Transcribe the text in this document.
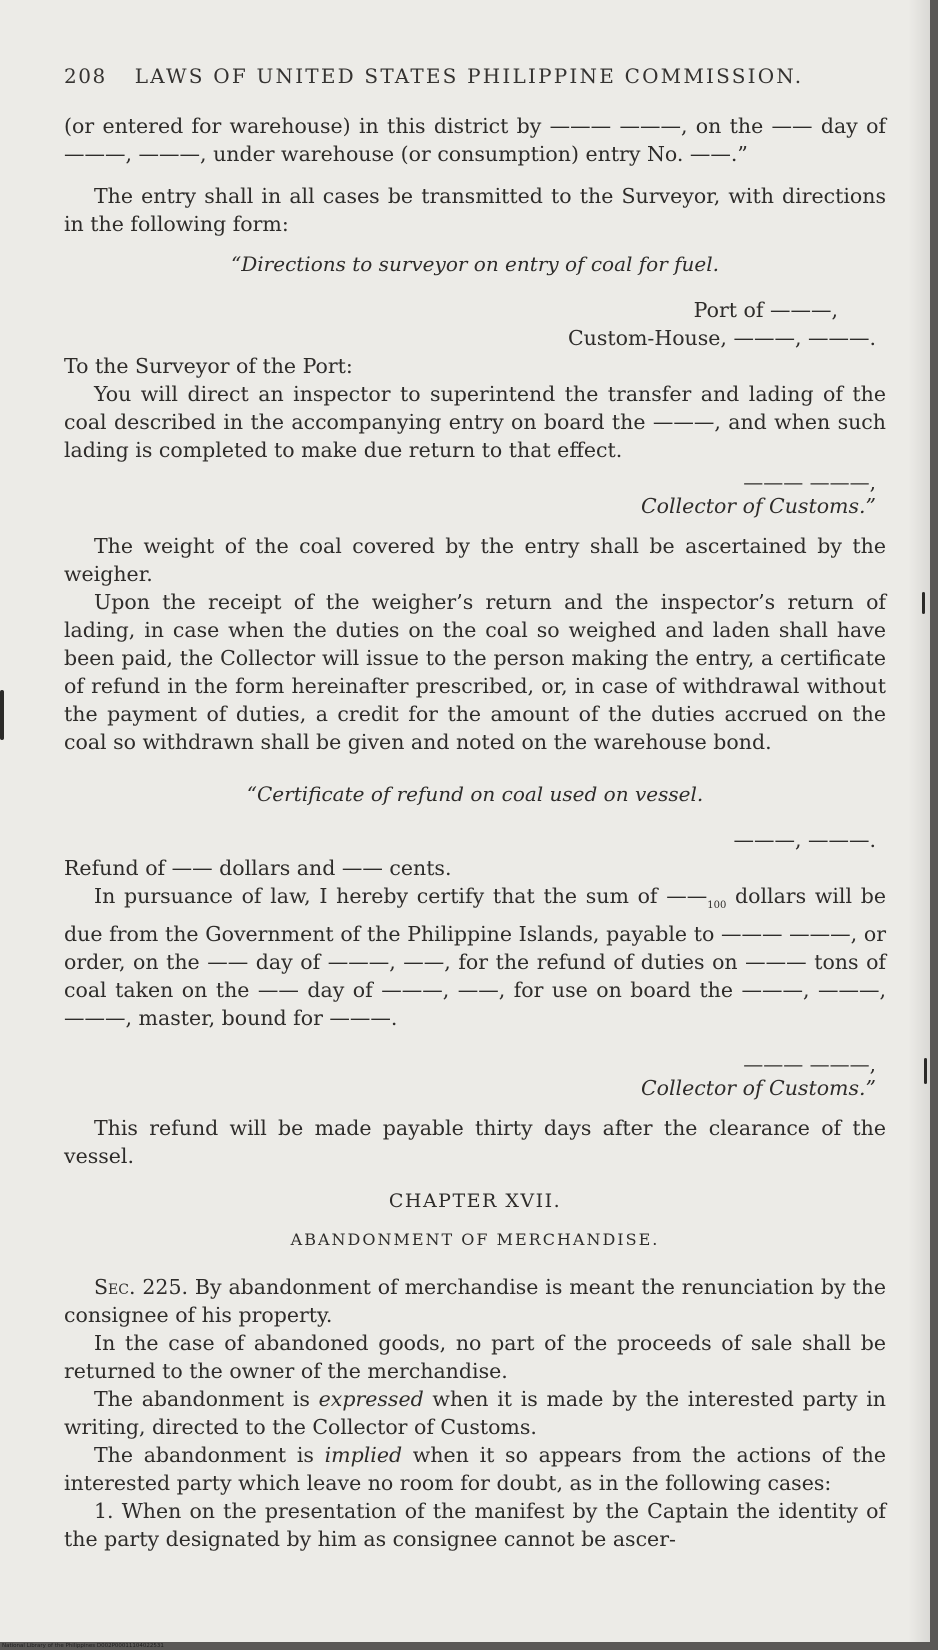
208 LAWS OF UNITED STATES PHILIPPINE COMMISSION.

(or entered for warehouse) in this district by ——— ———, on the —— day of ———, ———, under warehouse (or consumption) entry No. ——.”

The entry shall in all cases be transmitted to the Surveyor, with directions in the following form:

“Directions to surveyor on entry of coal for fuel.

Port of ———,

Custom-House, ———, ———.

To the Surveyor of the Port:

You will direct an inspector to superintend the transfer and lading of the coal described in the accompanying entry on board the ———, and when such lading is completed to make due return to that effect.

——— ———,
Collector of Customs.”

The weight of the coal covered by the entry shall be ascertained by the weigher.

Upon the receipt of the weigher’s return and the inspector’s return of lading, in case when the duties on the coal so weighed and laden shall have been paid, the Collector will issue to the person making the entry, a certificate of refund in the form hereinafter prescribed, or, in case of withdrawal without the payment of duties, a credit for the amount of the duties accrued on the coal so withdrawn shall be given and noted on the warehouse bond.

“Certificate of refund on coal used on vessel.

———, ———.

Refund of —— dollars and —— cents.

In pursuance of law, I hereby certify that the sum of $——_{100}$ dollars will be due from the Government of the Philippine Islands, payable to ——— ———, or order, on the —— day of ———, ——, for the refund of duties on ——— tons of coal taken on the —— day of ———, ——, for use on board the ———, ———, ———, master, bound for ———.

——— ———,
Collector of Customs.”

This refund will be made payable thirty days after the clearance of the vessel.

CHAPTER XVII.
ABANDONMENT OF MERCHANDISE.

Sec. 225. By abandonment of merchandise is meant the renunciation by the consignee of his property.

In the case of abandoned goods, no part of the proceeds of sale shall be returned to the owner of the merchandise.

The abandonment is expressed when it is made by the interested party in writing, directed to the Collector of Customs.

The abandonment is implied when it so appears from the actions of the interested party which leave no room for doubt, as in the following cases:

1. When on the presentation of the manifest by the Captain the identity of the party designated by him as consignee cannot be ascer-

National Library of the Philippines D002P00011104022531
